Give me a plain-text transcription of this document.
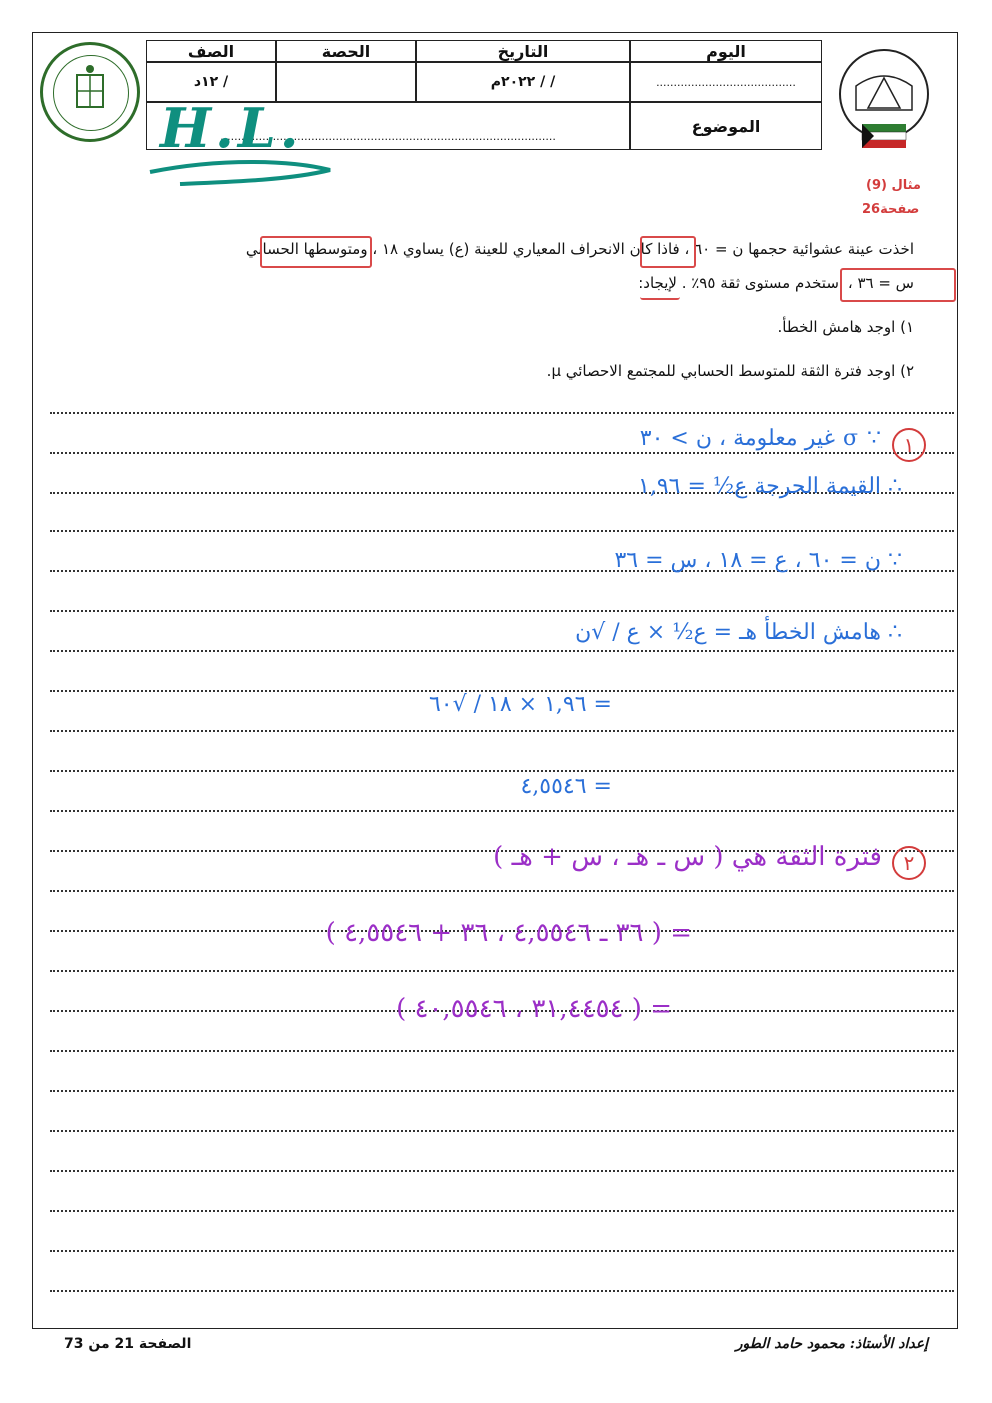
الصف
١٢د /
الحصة	التاريخ
/ / ٢٠٢٢م
اليوم
........................................
................................................................................................
الموضوع
H.L.
مثال (9)
صفحة26
اخذت عينة عشوائية حجمها ن = ٦٠ ، فاذا كان الانحراف المعياري للعينة (ع) يساوي ١٨ ، ومتوسطها الحسابي
س = ٣٦ ، استخدم مستوى ثقة ٩٥٪ . لإيجاد:
١) اوجد هامش الخطأ.
٢) اوجد فترة الثقة للمتوسط الحسابي للمجتمع الاحصائي μ.
١
∵ σ غير معلومة ، ن > ٣٠
∴ القيمة الحرجة ع½ = ١,٩٦
∵ ن = ٦٠ ، ع = ١٨ ، س = ٣٦
∴ هامش الخطأ هـ = ع½ × ع / √ن
= ١,٩٦ × ١٨ / √٦٠
= ٤,٥٥٤٦
٢
فترة الثقة هي ( س ـ هـ ، س + هـ )
= ( ٣٦ ـ ٤,٥٥٤٦ ، ٣٦ + ٤,٥٥٤٦ )
= ( ٣١,٤٤٥٤ ، ٤٠,٥٥٤٦ )
الصفحة 21 من 73	إعداد الأستاذ: محمود حامد الطور
